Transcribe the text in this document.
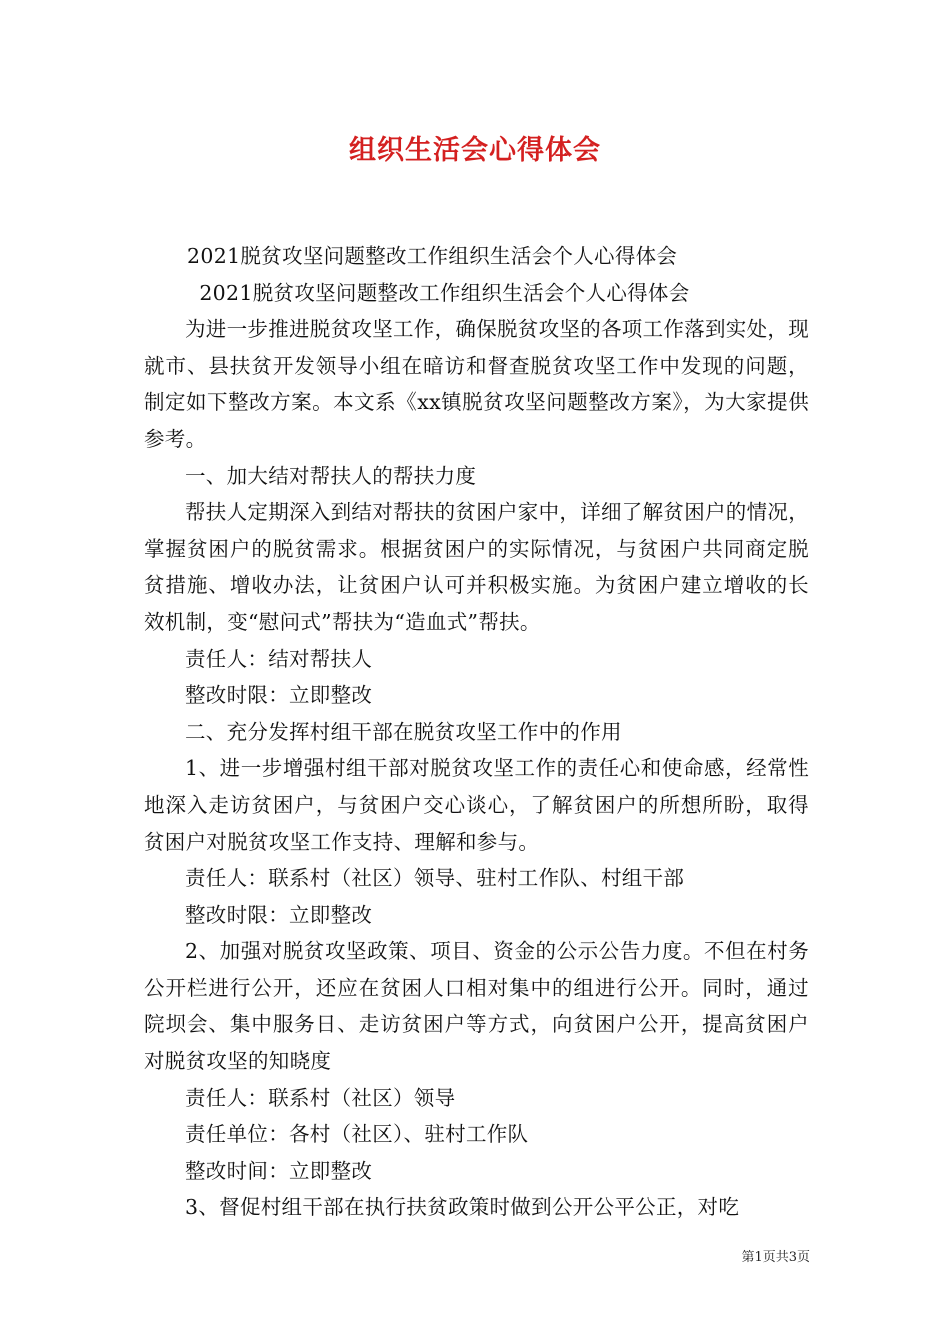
组织生活会心得体会

2021脱贫攻坚问题整改工作组织生活会个人心得体会

2021脱贫攻坚问题整改工作组织生活会个人心得体会

为进一步推进脱贫攻坚工作，确保脱贫攻坚的各项工作落到实处，现就市、县扶贫开发领导小组在暗访和督查脱贫攻坚工作中发现的问题，制定如下整改方案。本文系《xx镇脱贫攻坚问题整改方案》，为大家提供参考。

一、加大结对帮扶人的帮扶力度

帮扶人定期深入到结对帮扶的贫困户家中，详细了解贫困户的情况，掌握贫困户的脱贫需求。根据贫困户的实际情况，与贫困户共同商定脱贫措施、增收办法，让贫困户认可并积极实施。为贫困户建立增收的长效机制，变“慰问式”帮扶为“造血式”帮扶。

责任人：结对帮扶人

整改时限：立即整改

二、充分发挥村组干部在脱贫攻坚工作中的作用

1、进一步增强村组干部对脱贫攻坚工作的责任心和使命感，经常性地深入走访贫困户，与贫困户交心谈心，了解贫困户的所想所盼，取得贫困户对脱贫攻坚工作支持、理解和参与。

责任人：联系村（社区）领导、驻村工作队、村组干部

整改时限：立即整改

2、加强对脱贫攻坚政策、项目、资金的公示公告力度。不但在村务公开栏进行公开，还应在贫困人口相对集中的组进行公开。同时，通过院坝会、集中服务日、走访贫困户等方式，向贫困户公开，提高贫困户对脱贫攻坚的知晓度

责任人：联系村（社区）领导

责任单位：各村（社区）、驻村工作队

整改时间：立即整改

3、督促村组干部在执行扶贫政策时做到公开公平公正，对吃

第1页共3页
